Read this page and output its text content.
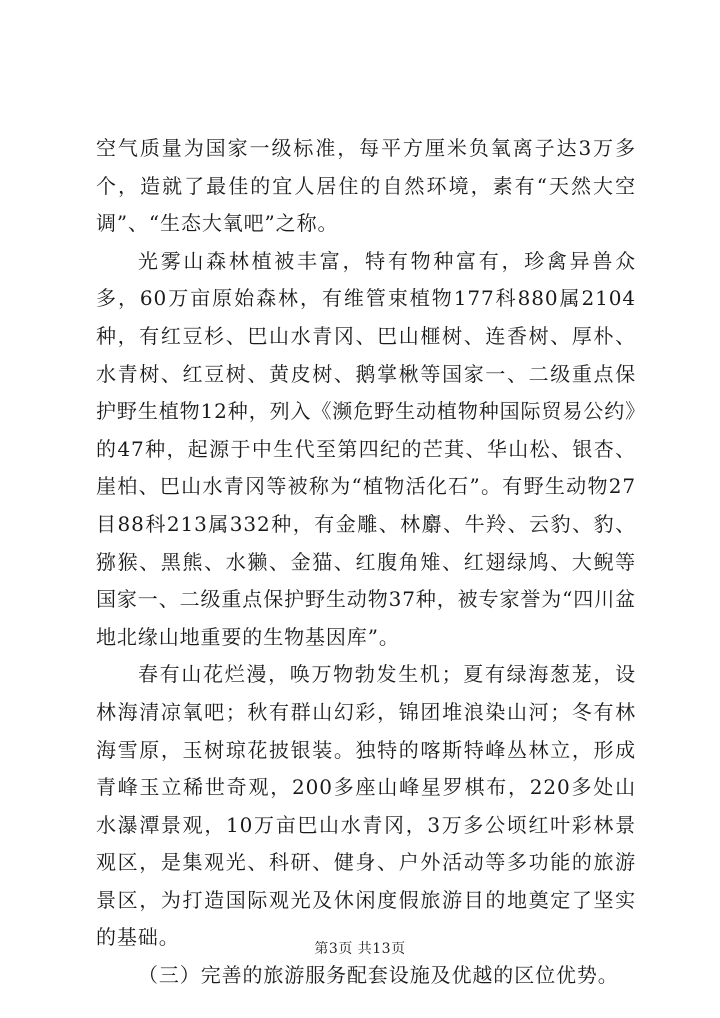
空气质量为国家一级标准，每平方厘米负氧离子达3万多个，造就了最佳的宜人居住的自然环境，素有“天然大空调”、“生态大氧吧”之称。

光雾山森林植被丰富，特有物种富有，珍禽异兽众多，60万亩原始森林，有维管束植物177科880属2104种，有红豆杉、巴山水青冈、巴山榧树、连香树、厚朴、水青树、红豆树、黄皮树、鹅掌楸等国家一、二级重点保护野生植物12种，列入《濒危野生动植物种国际贸易公约》的47种，起源于中生代至第四纪的芒萁、华山松、银杏、崖柏、巴山水青冈等被称为“植物活化石”。有野生动物27目88科213属332种，有金雕、林麝、牛羚、云豹、豹、猕猴、黑熊、水獭、金猫、红腹角雉、红翅绿鸠、大鲵等国家一、二级重点保护野生动物37种，被专家誉为“四川盆地北缘山地重要的生物基因库”。

春有山花烂漫，唤万物勃发生机；夏有绿海葱茏，设林海清凉氧吧；秋有群山幻彩，锦团堆浪染山河；冬有林海雪原，玉树琼花披银装。独特的喀斯特峰丛林立，形成青峰玉立稀世奇观，200多座山峰星罗棋布，220多处山水瀑潭景观，10万亩巴山水青冈，3万多公顷红叶彩林景观区，是集观光、科研、健身、户外活动等多功能的旅游景区，为打造国际观光及休闲度假旅游目的地奠定了坚实的基础。

（三）完善的旅游服务配套设施及优越的区位优势。

第3页 共13页
